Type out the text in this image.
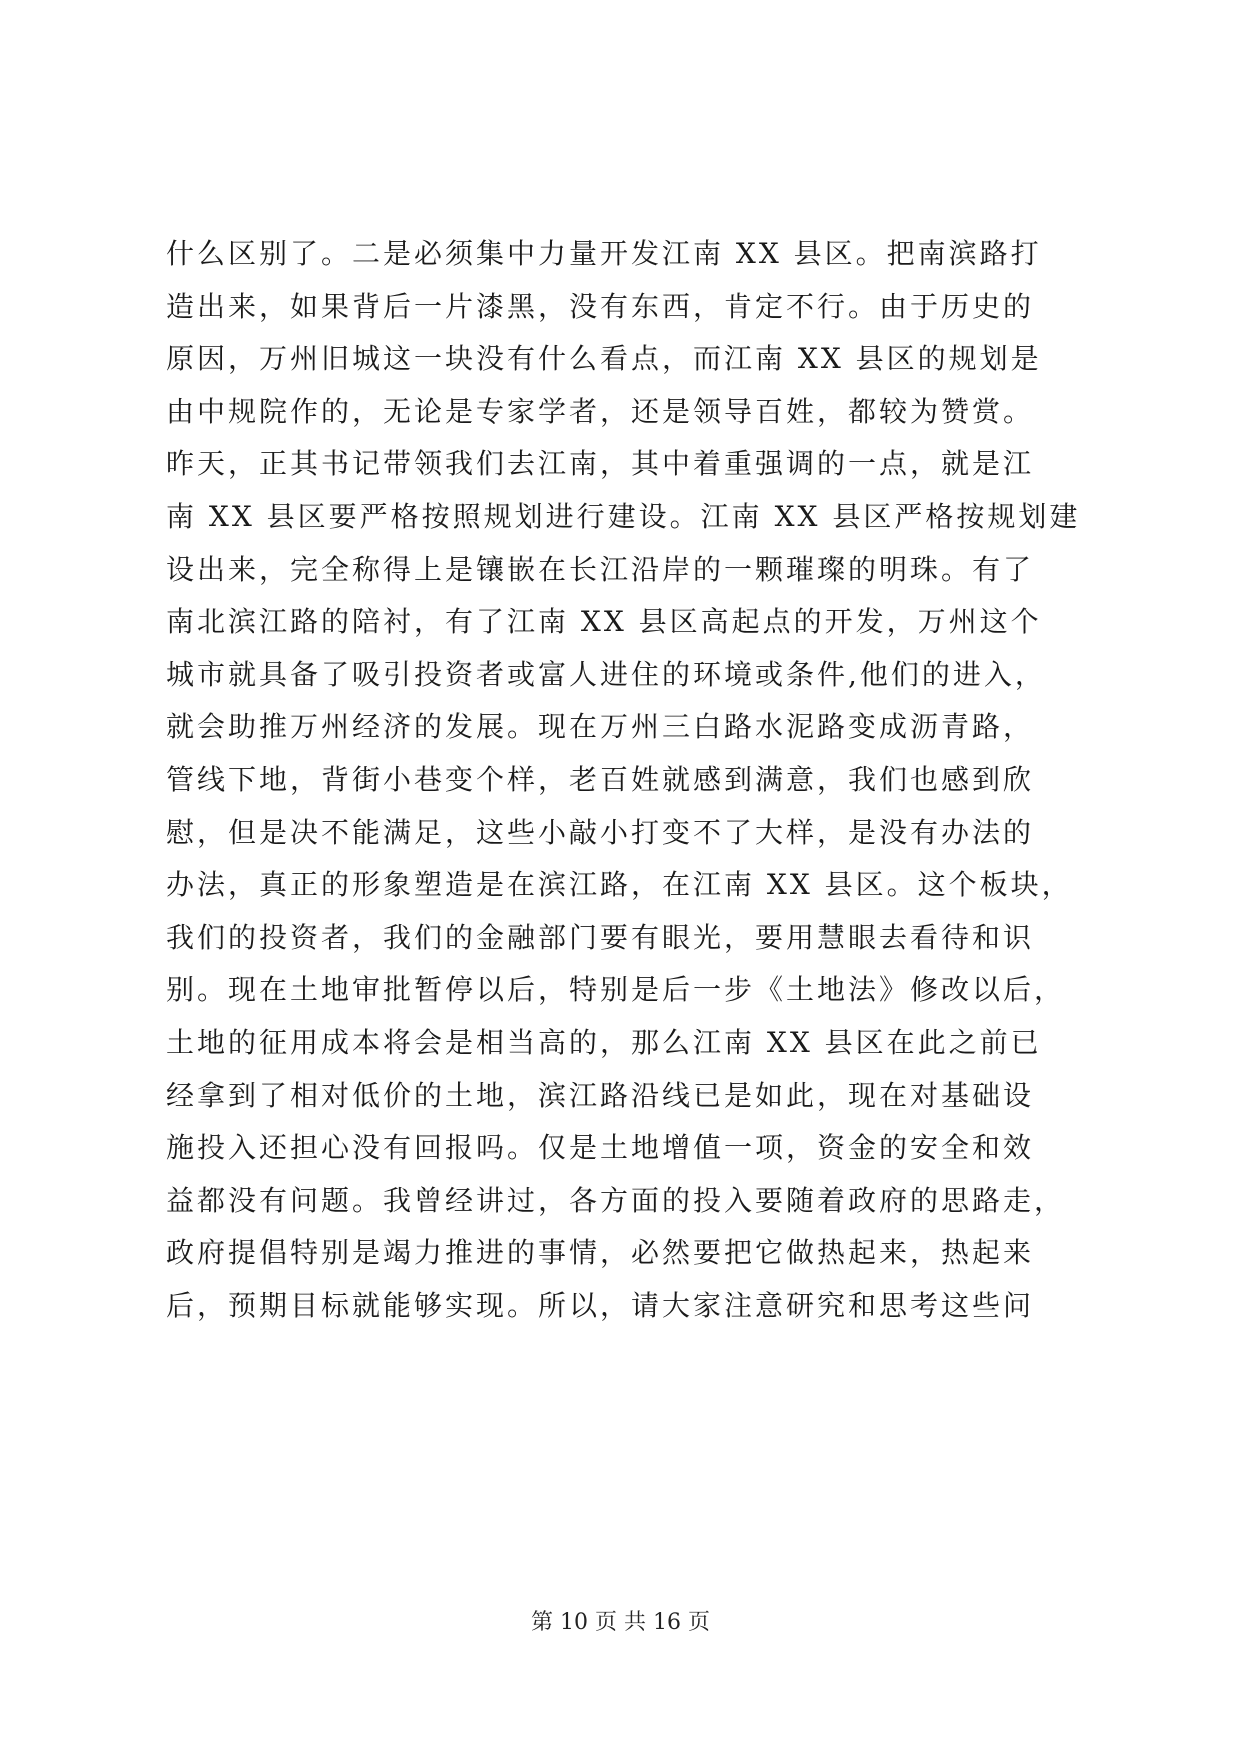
什么区别了。二是必须集中力量开发江南 XX 县区。把南滨路打
造出来，如果背后一片漆黑，没有东西，肯定不行。由于历史的
原因，万州旧城这一块没有什么看点，而江南 XX 县区的规划是
由中规院作的，无论是专家学者，还是领导百姓，都较为赞赏。
昨天，正其书记带领我们去江南，其中着重强调的一点，就是江
南 XX 县区要严格按照规划进行建设。江南 XX 县区严格按规划建
设出来，完全称得上是镶嵌在长江沿岸的一颗璀璨的明珠。有了
南北滨江路的陪衬，有了江南 XX 县区高起点的开发，万州这个
城市就具备了吸引投资者或富人进住的环境或条件,他们的进入，
就会助推万州经济的发展。现在万州三白路水泥路变成沥青路，
管线下地，背街小巷变个样，老百姓就感到满意，我们也感到欣
慰，但是决不能满足，这些小敲小打变不了大样，是没有办法的
办法，真正的形象塑造是在滨江路，在江南 XX 县区。这个板块，
我们的投资者，我们的金融部门要有眼光，要用慧眼去看待和识
别。现在土地审批暂停以后，特别是后一步《土地法》修改以后，
土地的征用成本将会是相当高的，那么江南 XX 县区在此之前已
经拿到了相对低价的土地，滨江路沿线已是如此，现在对基础设
施投入还担心没有回报吗。仅是土地增值一项，资金的安全和效
益都没有问题。我曾经讲过，各方面的投入要随着政府的思路走，
政府提倡特别是竭力推进的事情，必然要把它做热起来，热起来
后，预期目标就能够实现。所以，请大家注意研究和思考这些问
第 10 页 共 16 页
